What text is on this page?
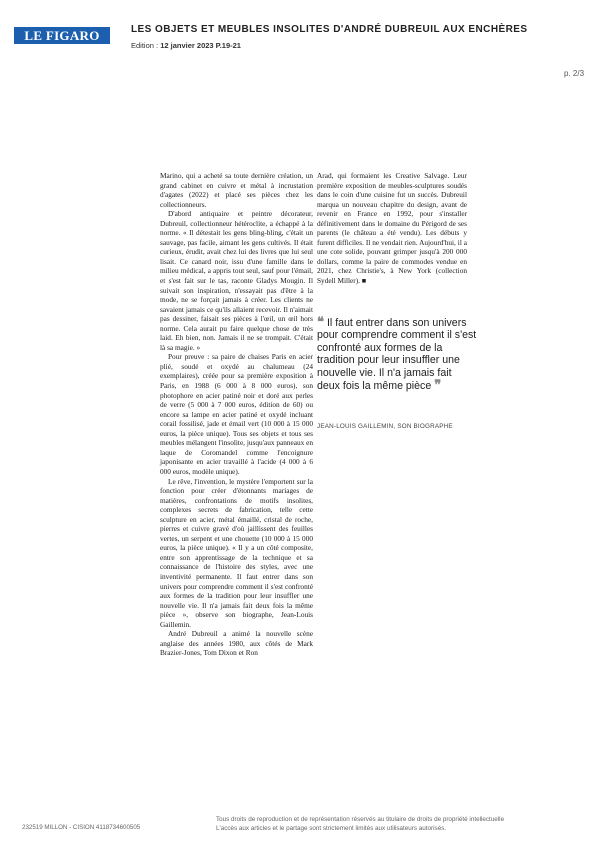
LE FIGARO	LES OBJETS ET MEUBLES INSOLITES D'ANDRÉ DUBREUIL AUX ENCHÈRES
Edition : 12 janvier 2023 P.19-21
p. 2/3

Marino, qui a acheté sa toute dernière création, un grand cabinet en cuivre et métal à incrustation d'agates (2022) et placé ses pièces chez les collectionneurs.

D'abord antiquaire et peintre décorateur, Dubreuil, collectionneur hétéroclite, a échappé à la norme. « Il détestait les gens bling-bling, c'était un sauvage, pas facile, aimant les gens cultivés. Il était curieux, érudit, avait chez lui des livres que lui seul lisait. Ce canard noir, issu d'une famille dans le milieu médical, a appris tout seul, sauf pour l'émail, et s'est fait sur le tas, raconte Gladys Mougin. Il suivait son inspiration, n'essayait pas d'être à la mode, ne se forçait jamais à créer. Les clients ne savaient jamais ce qu'ils allaient recevoir. Il n'aimait pas dessiner, faisait ses pièces à l'œil, un œil hors norme. Cela aurait pu faire quelque chose de très laid. Eh bien, non. Jamais il ne se trompait. C'était là sa magie. »

Pour preuve : sa paire de chaises Paris en acier plié, soudé et oxydé au chalumeau (24 exemplaires), créée pour sa première exposition à Paris, en 1988 (6 000 à 8 000 euros), son photophore en acier patiné noir et doré aux perles de verre (5 000 à 7 000 euros, édition de 60) ou encore sa lampe en acier patiné et oxydé incluant corail fossilisé, jade et émail vert (10 000 à 15 000 euros, la pièce unique). Tous ses objets et tous ses meubles mélangent l'insolite, jusqu'aux panneaux en laque de Coromandel comme l'encoignure japonisante en acier travaillé à l'acide (4 000 à 6 000 euros, modèle unique).

Le rêve, l'invention, le mystère l'emportent sur la fonction pour créer d'étonnants mariages de matières, confrontations de motifs insolites, complexes secrets de fabrication, telle cette sculpture en acier, métal émaillé, cristal de roche, pierres et cuivre gravé d'où jaillissent des feuilles vertes, un serpent et une chouette (10 000 à 15 000 euros, la pièce unique). « Il y a un côté composite, entre son apprentissage de la technique et sa connaissance de l'histoire des styles, avec une inventivité permanente. Il faut entrer dans son univers pour comprendre comment il s'est confronté aux formes de la tradition pour leur insuffler une nouvelle vie. Il n'a jamais fait deux fois la même pièce », observe son biographe, Jean-Louis Gaillemin.

André Dubreuil a animé la nouvelle scène anglaise des années 1980, aux côtés de Mark Brazier-Jones, Tom Dixon et Ron

Arad, qui formaient les Creative Salvage. Leur première exposition de meubles-sculptures soudés dans le coin d'une cuisine fut un succès. Dubreuil marqua un nouveau chapitre du design, avant de revenir en France en 1992, pour s'installer définitivement dans le domaine du Périgord de ses parents (le château a été vendu). Les débuts y furent difficiles. Il ne vendait rien. Aujourd'hui, il a une cote solide, pouvant grimper jusqu'à 200 000 dollars, comme la paire de commodes vendue en 2021, chez Christie's, à New York (collection Sydell Miller). ■

❝ Il faut entrer dans son univers pour comprendre comment il s'est confronté aux formes de la tradition pour leur insuffler une nouvelle vie. Il n'a jamais fait deux fois la même pièce ❞
JEAN-LOUIS GAILLEMIN, SON BIOGRAPHE
232519 MILLON - CISION 4118734600505
Tous droits de reproduction et de représentation réservés au titulaire de droits de propriété intellectuelle
L'accès aux articles et le partage sont strictement limités aux utilisateurs autorisés.
